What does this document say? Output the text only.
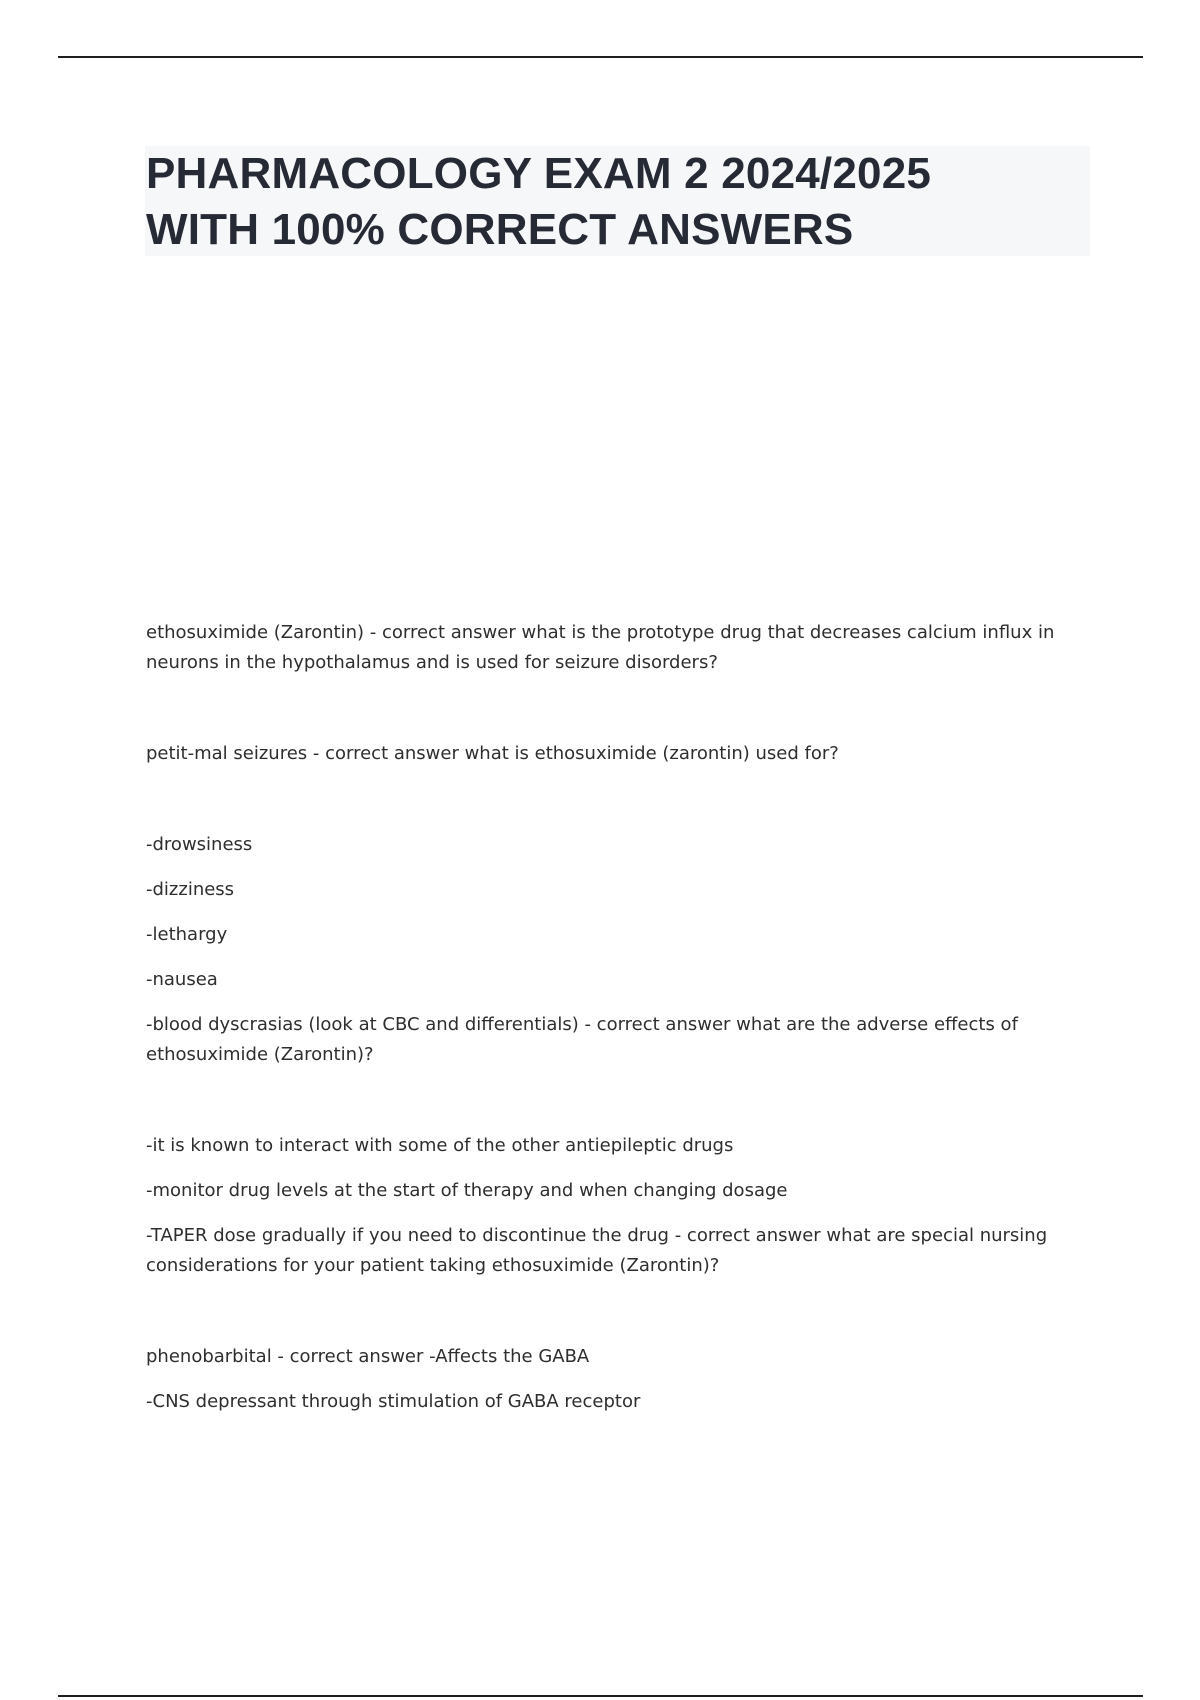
PHARMACOLOGY EXAM 2 2024/2025
WITH 100% CORRECT ANSWERS

ethosuximide (Zarontin) - correct answer what is the prototype drug that decreases calcium influx in neurons in the hypothalamus and is used for seizure disorders?

petit-mal seizures - correct answer what is ethosuximide (zarontin) used for?

-drowsiness

-dizziness

-lethargy

-nausea

-blood dyscrasias (look at CBC and differentials) - correct answer what are the adverse effects of ethosuximide (Zarontin)?

-it is known to interact with some of the other antiepileptic drugs

-monitor drug levels at the start of therapy and when changing dosage

-TAPER dose gradually if you need to discontinue the drug - correct answer what are special nursing considerations for your patient taking ethosuximide (Zarontin)?

phenobarbital - correct answer -Affects the GABA

-CNS depressant through stimulation of GABA receptor
